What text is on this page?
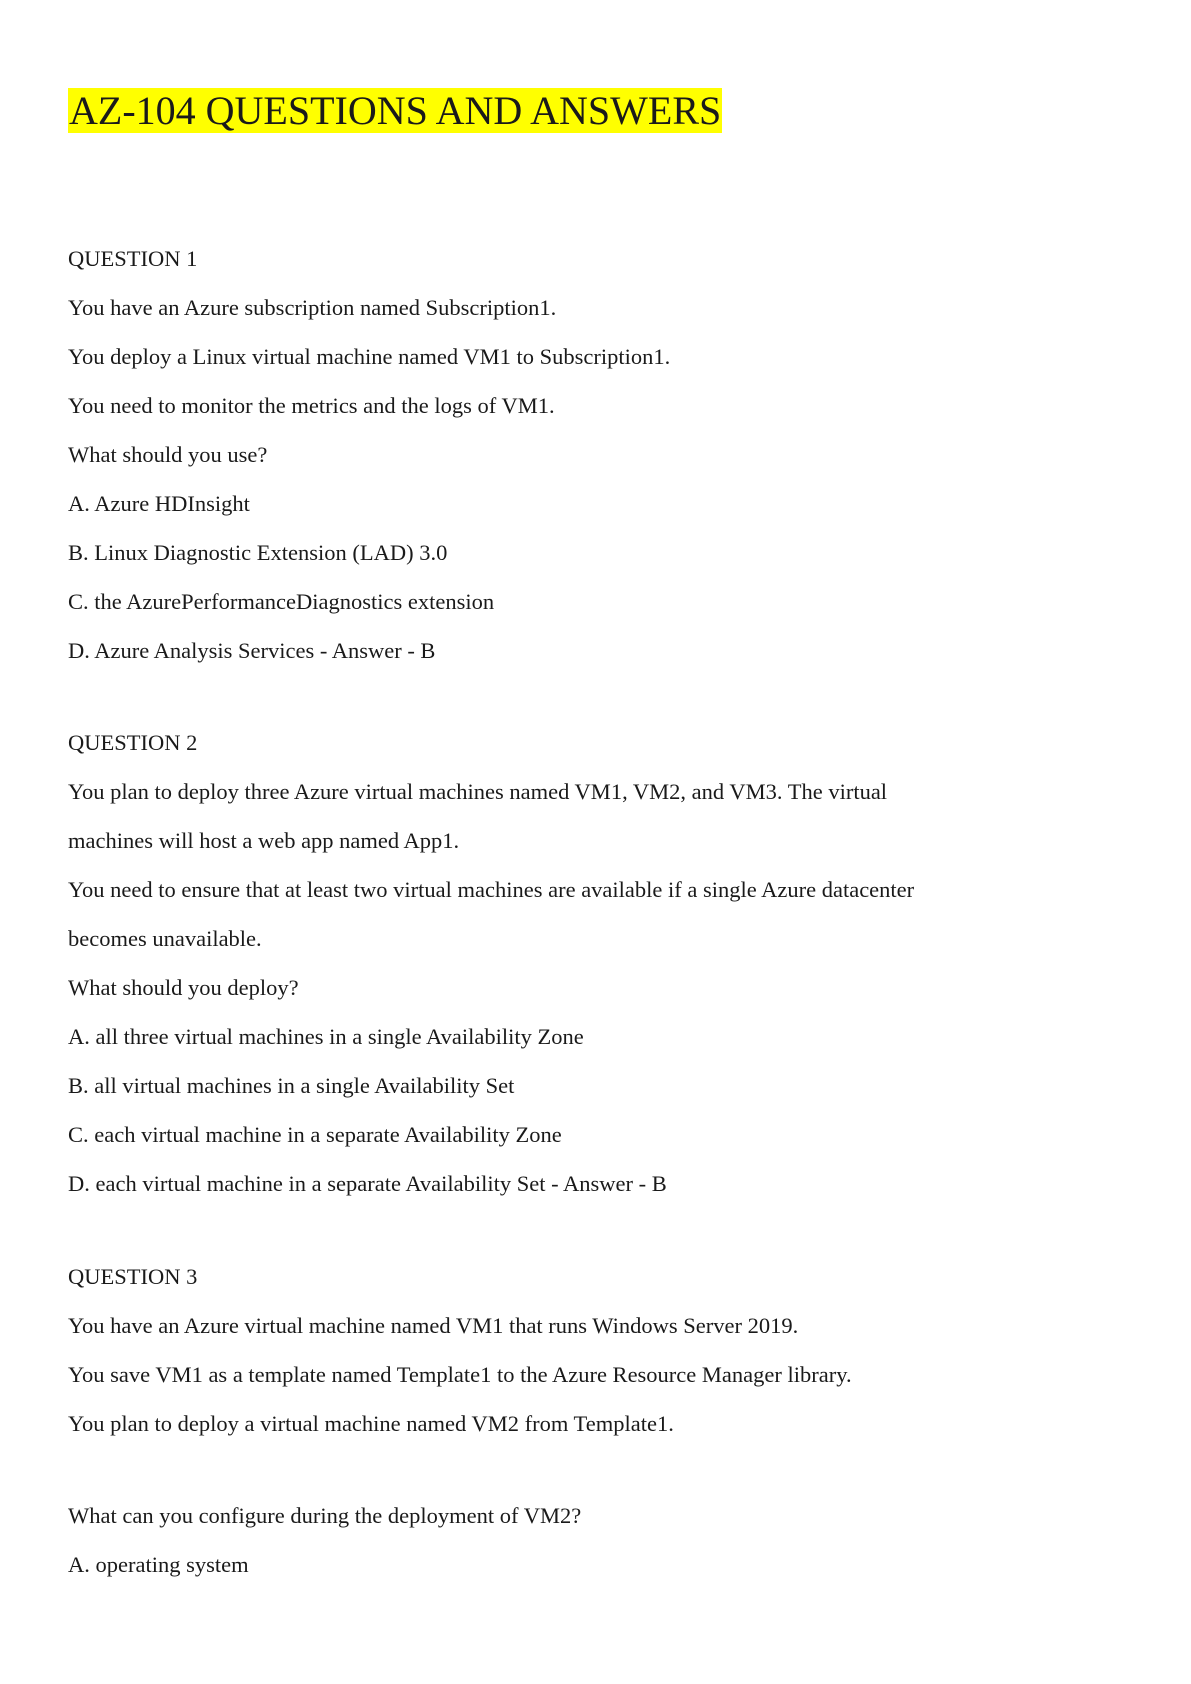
AZ-104 QUESTIONS AND ANSWERS

QUESTION 1

You have an Azure subscription named Subscription1.

You deploy a Linux virtual machine named VM1 to Subscription1.

You need to monitor the metrics and the logs of VM1.

What should you use?

A. Azure HDInsight

B. Linux Diagnostic Extension (LAD) 3.0

C. the AzurePerformanceDiagnostics extension

D. Azure Analysis Services - Answer - B

QUESTION 2

You plan to deploy three Azure virtual machines named VM1, VM2, and VM3. The virtual

machines will host a web app named App1.

You need to ensure that at least two virtual machines are available if a single Azure datacenter

becomes unavailable.

What should you deploy?

A. all three virtual machines in a single Availability Zone

B. all virtual machines in a single Availability Set

C. each virtual machine in a separate Availability Zone

D. each virtual machine in a separate Availability Set - Answer - B

QUESTION 3

You have an Azure virtual machine named VM1 that runs Windows Server 2019.

You save VM1 as a template named Template1 to the Azure Resource Manager library.

You plan to deploy a virtual machine named VM2 from Template1.

What can you configure during the deployment of VM2?

A. operating system
